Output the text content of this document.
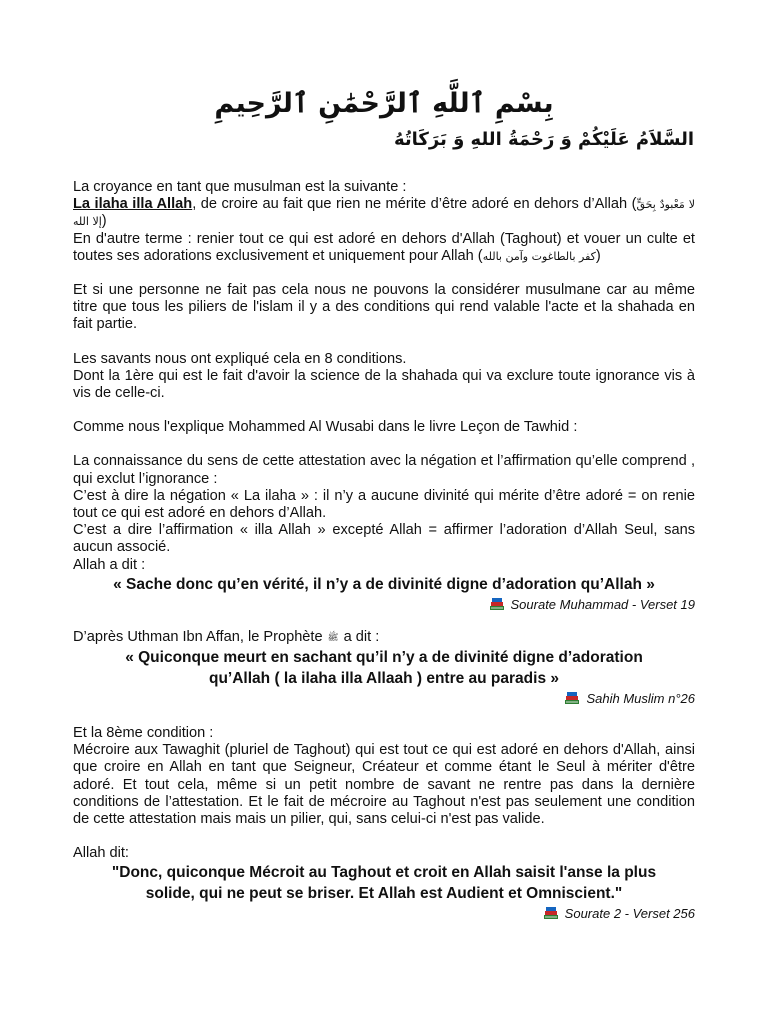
بِسْمِ ٱللَّهِ ٱلرَّحْمَٰنِ ٱلرَّحِيمِ
السَّلاَمُ عَلَيْكُمْ وَ رَحْمَةُ اللهِ وَ بَرَكَاتُهُ

La croyance en tant que musulman est la suivante :

La ilaha illa Allah, de croire au fait que rien ne mérite d’être adoré en dehors d’Allah (لا مَعْبودٌ بِحَقٍّ إلا الله)

En d'autre terme : renier tout ce qui est adoré en dehors d'Allah (Taghout) et vouer un culte et toutes ses adorations exclusivement et uniquement pour Allah (كفر بالطاغوت وآمن بالله)

Et si une personne ne fait pas cela nous ne pouvons la considérer musulmane car au même titre que tous les piliers de l'islam il y a des conditions qui rend valable l'acte et la shahada en fait partie.

Les savants nous ont expliqué cela en 8 conditions.

Dont la 1ère qui est le fait d'avoir la science de la shahada qui va exclure toute ignorance vis à vis de celle-ci.

Comme nous l'explique Mohammed Al Wusabi dans le livre Leçon de Tawhid :

La connaissance du sens de cette attestation avec la négation et l’affirmation qu’elle comprend , qui exclut l’ignorance :

C’est à dire la négation « La ilaha » : il n’y a aucune divinité qui mérite d’être adoré = on renie tout ce qui est adoré en dehors d’Allah.

C’est a dire l’affirmation « illa Allah » excepté Allah = affirmer l’adoration d’Allah Seul, sans aucun associé.

Allah a dit :

« Sache donc qu’en vérité, il n’y a de divinité digne d’adoration qu’Allah »

Sourate Muhammad - Verset 19

D’après Uthman Ibn Affan, le Prophète ﷺ a dit :

« Quiconque meurt en sachant qu’il n’y a de divinité digne d’adoration

qu’Allah ( la ilaha illa Allaah ) entre au paradis »

Sahih Muslim n°26

Et la 8ème condition :

Mécroire aux Tawaghit (pluriel de Taghout) qui est tout ce qui est adoré en dehors d'Allah, ainsi que croire en Allah en tant que Seigneur, Créateur et comme étant le Seul à mériter d'être adoré. Et tout cela, même si un petit nombre de savant ne rentre pas dans la dernière conditions de l’attestation. Et le fait de mécroire au Taghout n'est pas seulement une condition de cette attestation mais mais un pilier, qui, sans celui-ci n'est pas valide.

Allah dit:

"Donc, quiconque Mécroit au Taghout et croit en Allah saisit l'anse la plus

solide, qui ne peut se briser. Et Allah est Audient et Omniscient."

Sourate 2 - Verset 256
